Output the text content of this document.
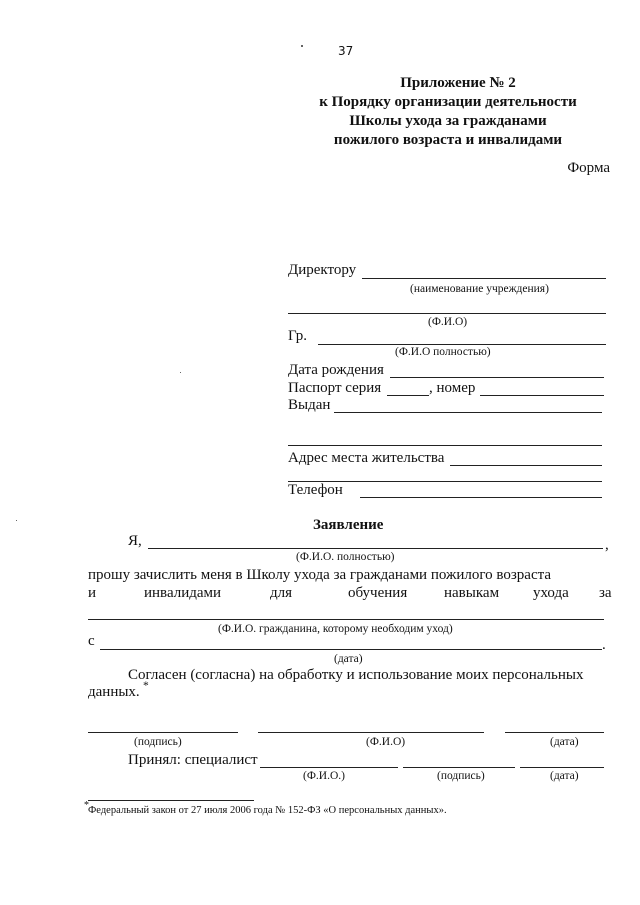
37
Приложение № 2
к Порядку организации деятельности
Школы ухода за гражданами
пожилого возраста и инвалидами
Форма
Директору
(наименование учреждения)
(Ф.И.О)
Гр.
(Ф.И.О полностью)
Дата рождения
Паспорт серия	, номер
Выдан
Адрес места жительства
Телефон
Заявление
Я,	,
(Ф.И.О. полностью)
прошу зачислить меня в Школу ухода за гражданами пожилого возраста
и	инвалидами	для	обучения навыкам ухода за
(Ф.И.О. гражданина, которому необходим уход)
с	.
(дата)
Согласен (согласна) на обработку и использование моих персональных
данных. *
(подпись)	(Ф.И.О)	(дата)
Принял: специалист
(Ф.И.О.)	(подпись)	(дата)
* Федеральный закон от 27 июля 2006 года № 152-ФЗ «О персональных данных».
